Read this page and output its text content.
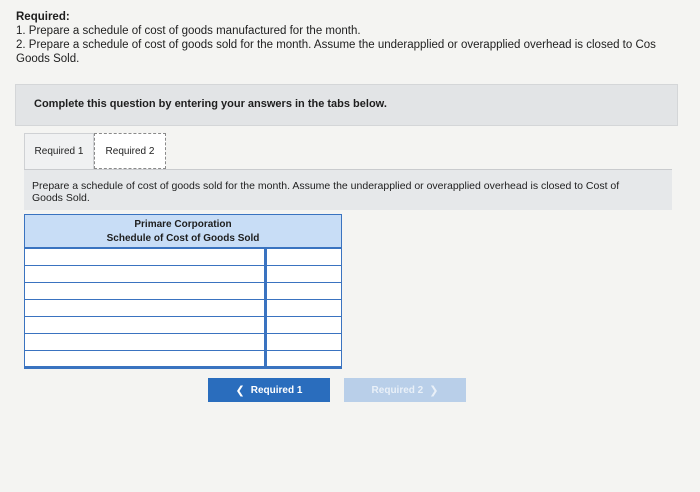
Required:
1. Prepare a schedule of cost of goods manufactured for the month.
2. Prepare a schedule of cost of goods sold for the month. Assume the underapplied or overapplied overhead is closed to Cos
Goods Sold.
Complete this question by entering your answers in the tabs below.
Required 1	Required 2
Prepare a schedule of cost of goods sold for the month. Assume the underapplied or overapplied overhead is closed to Cost of
Goods Sold.
Primare Corporation
Schedule of Cost of Goods Sold
❮ Required 1	Required 2 ❯
